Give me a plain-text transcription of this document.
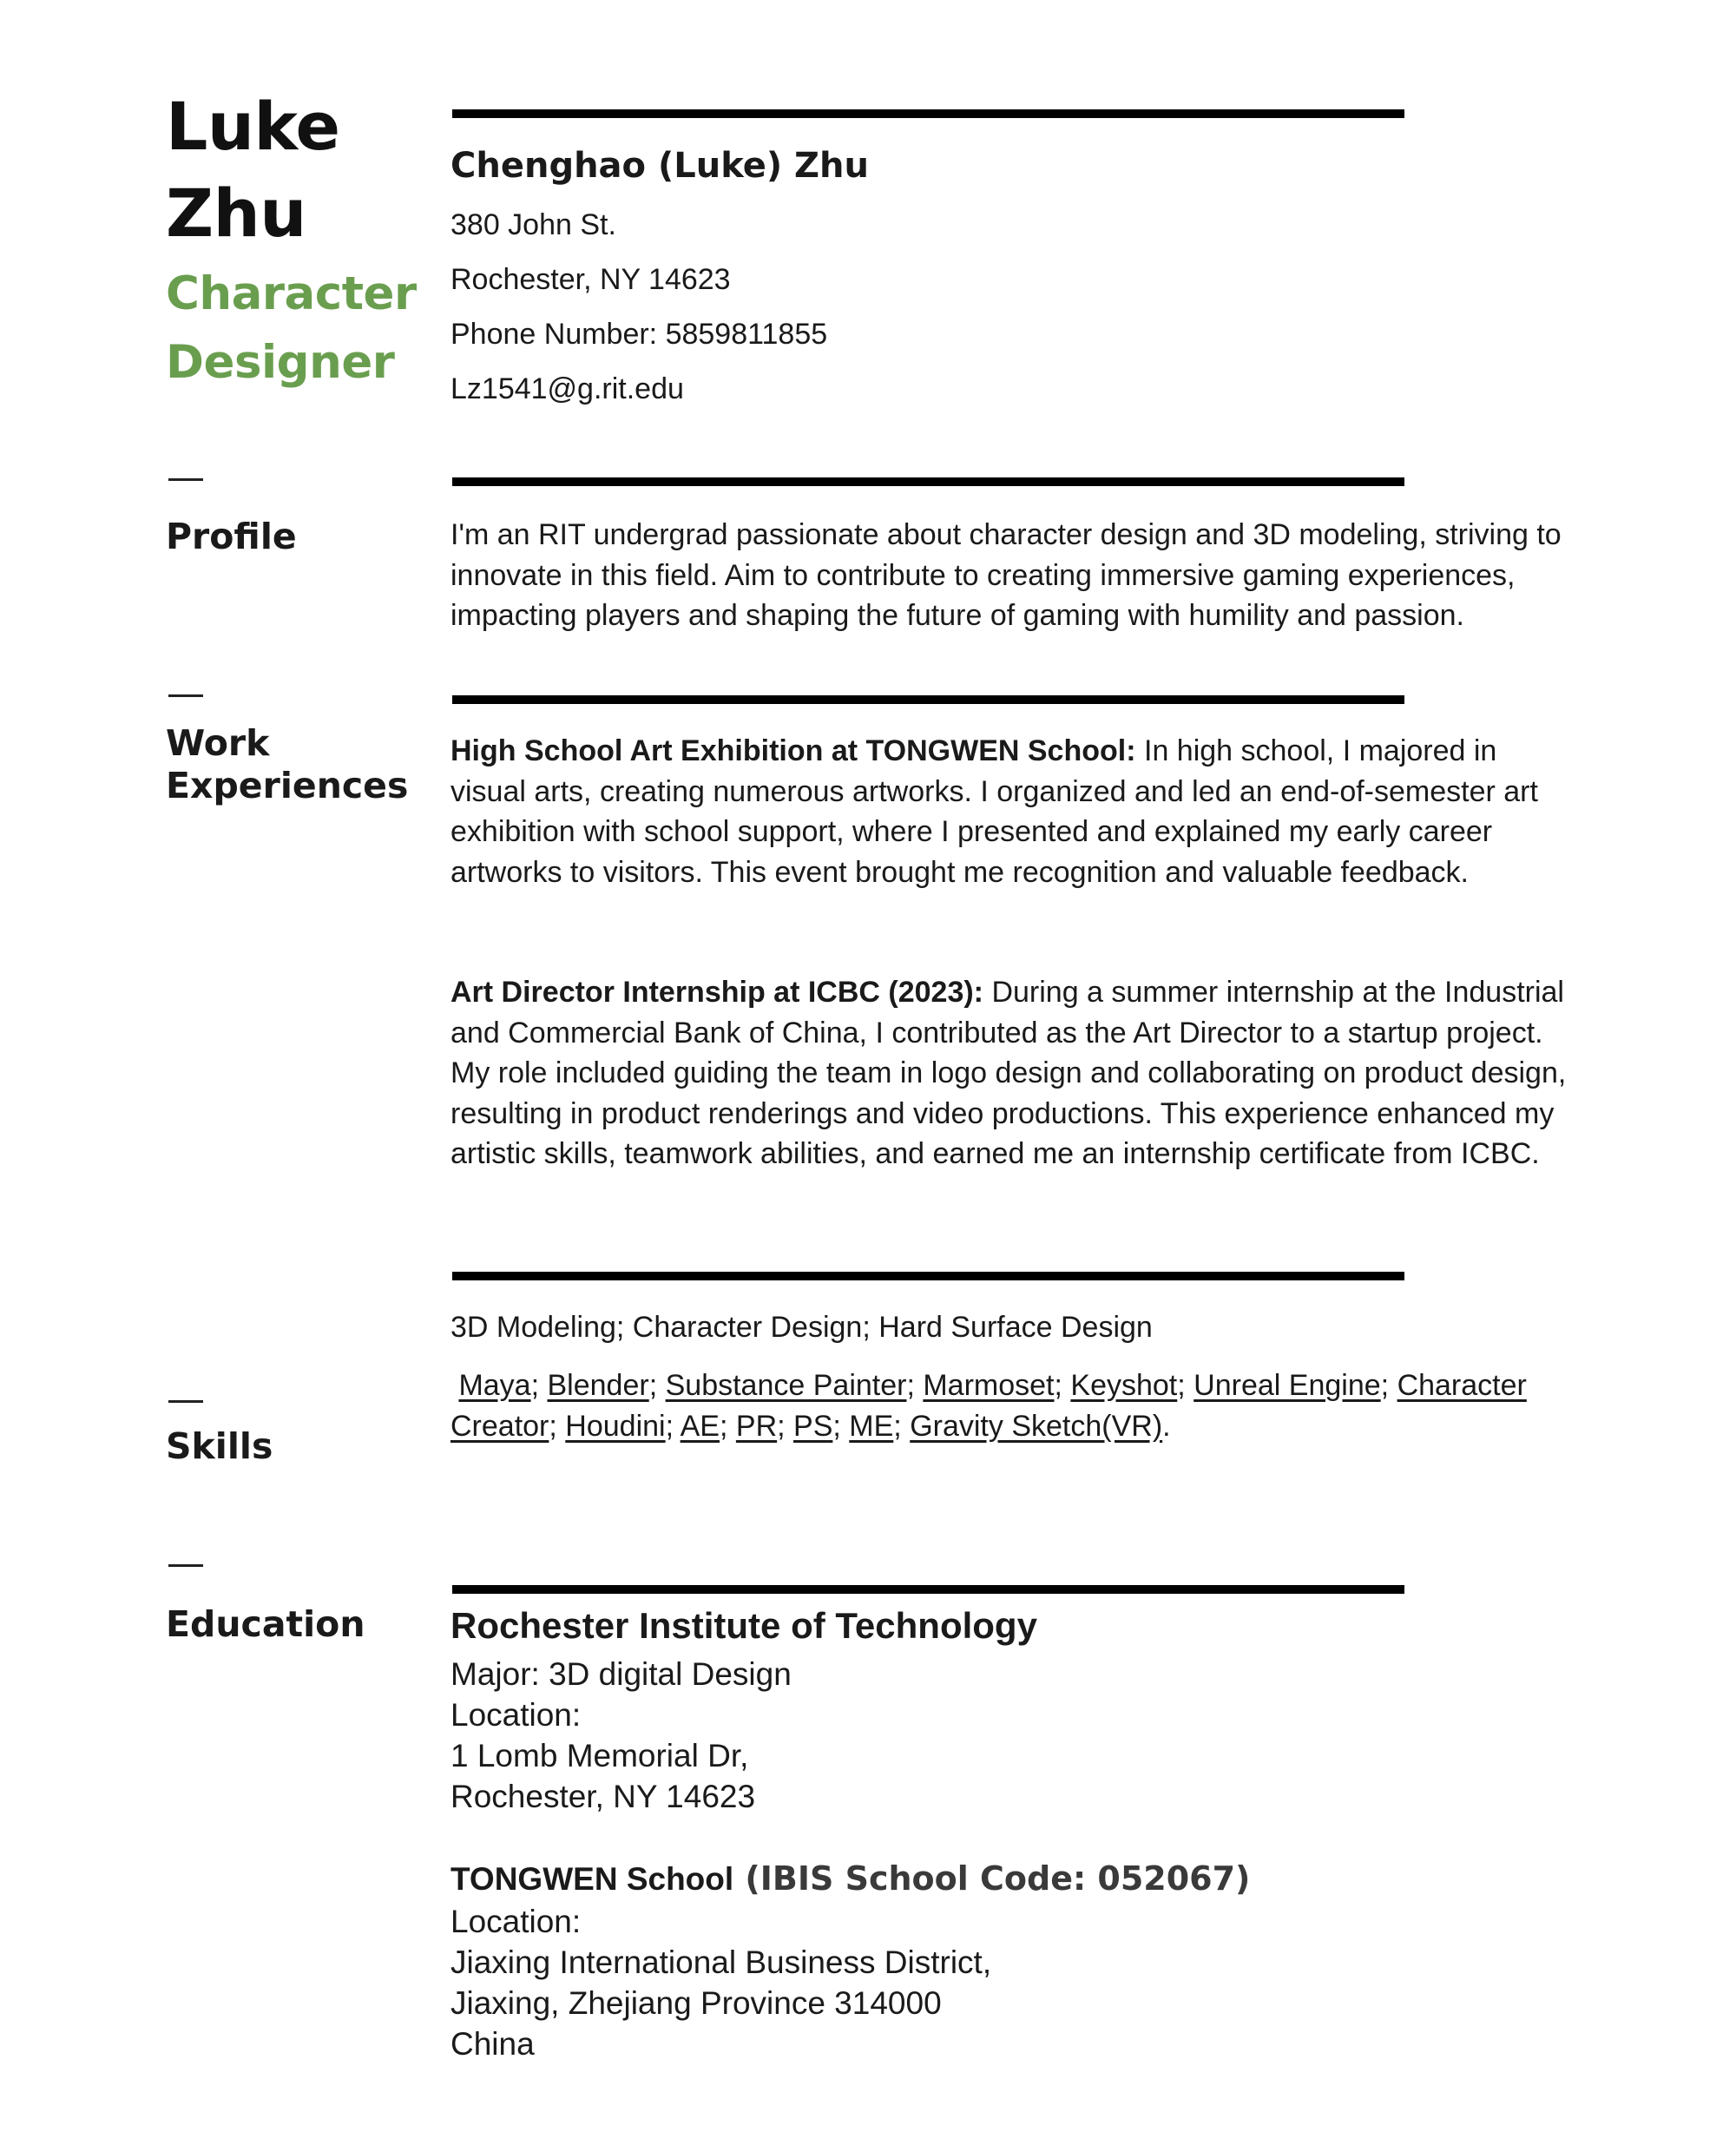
Luke
Zhu
Character
Designer
Profile
Work
Experiences
Skills
Education
Chenghao (Luke) Zhu
380 John St.
Rochester, NY 14623
Phone Number: 5859811855
Lz1541@g.rit.edu
I'm an RIT undergrad passionate about character design and 3D modeling, striving to innovate in this field. Aim to contribute to creating immersive gaming experiences, impacting players and shaping the future of gaming with humility and passion.
High School Art Exhibition at TONGWEN School: In high school, I majored in visual arts, creating numerous artworks. I organized and led an end-of-semester art exhibition with school support, where I presented and explained my early career artworks to visitors. This event brought me recognition and valuable feedback.
Art Director Internship at ICBC (2023): During a summer internship at the Industrial and Commercial Bank of China, I contributed as the Art Director to a startup project. My role included guiding the team in logo design and collaborating on product design, resulting in product renderings and video productions. This experience enhanced my artistic skills, teamwork abilities, and earned me an internship certificate from ICBC.
3D Modeling; Character Design; Hard Surface Design
Maya; Blender; Substance Painter; Marmoset; Keyshot; Unreal Engine; Character Creator; Houdini; AE; PR; PS; ME; Gravity Sketch(VR).
Rochester Institute of Technology
Major: 3D digital Design
Location:
1 Lomb Memorial Dr,
Rochester, NY 14623
TONGWEN School (IBIS School Code: 052067)
Location:
Jiaxing International Business District,
Jiaxing, Zhejiang Province 314000
China
